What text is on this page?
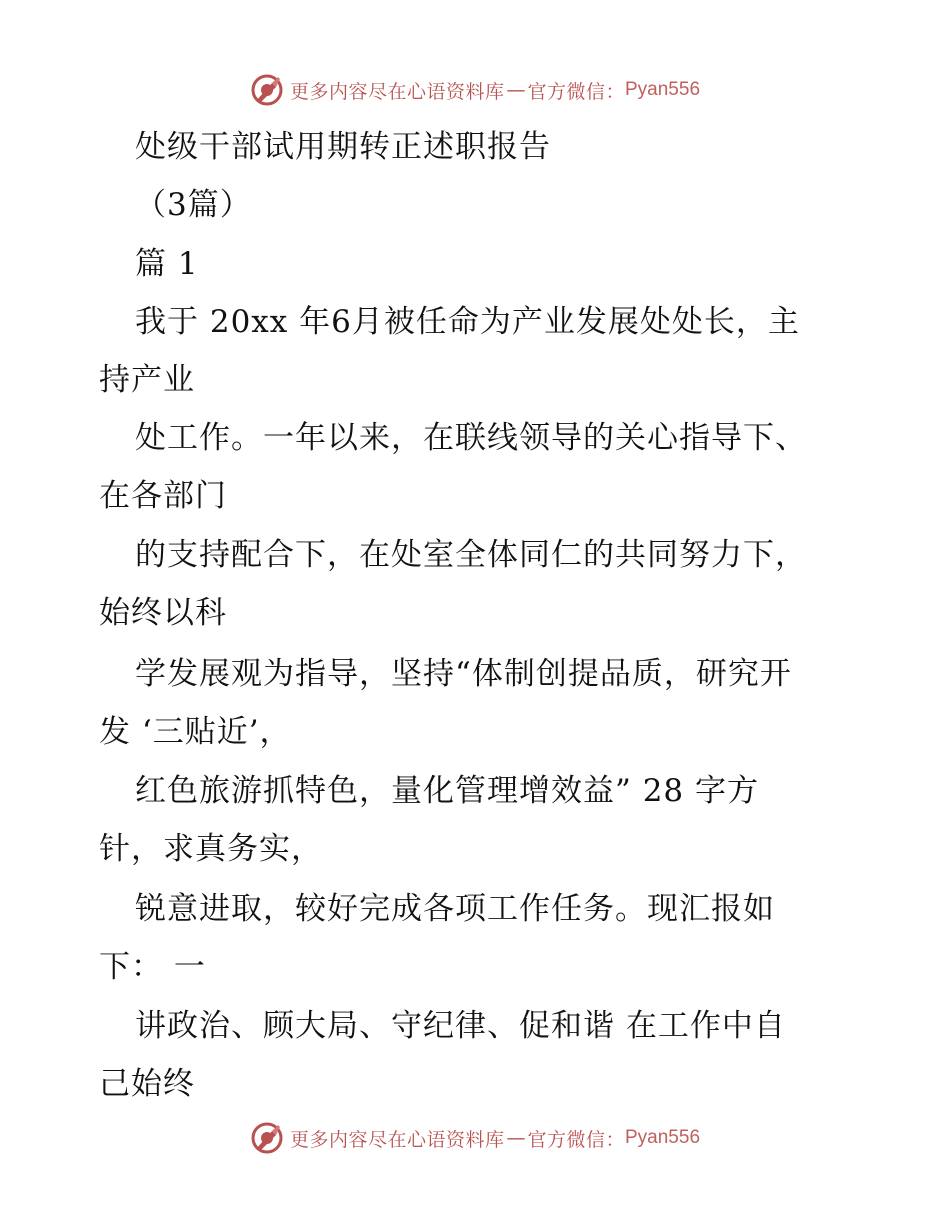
更多内容尽在心语资料库 — 官方微信： Pyan556
处级干部试用期转正述职报告
（3篇）
篇 1
我于 20xx 年6月被任命为产业发展处处长，主
持产业
处工作。一年以来，在联线领导的关心指导下、
在各部门
的支持配合下，在处室全体同仁的共同努力下，
始终以科
学发展观为指导，坚持“体制创提品质，研究开
发 ‘三贴近’，
红色旅游抓特色，量化管理增效益” 28 字方
针，求真务实，
锐意进取，较好完成各项工作任务。现汇报如
下： 一
讲政治、顾大局、守纪律、促和谐 在工作中自
己始终
更多内容尽在心语资料库 — 官方微信： Pyan556
